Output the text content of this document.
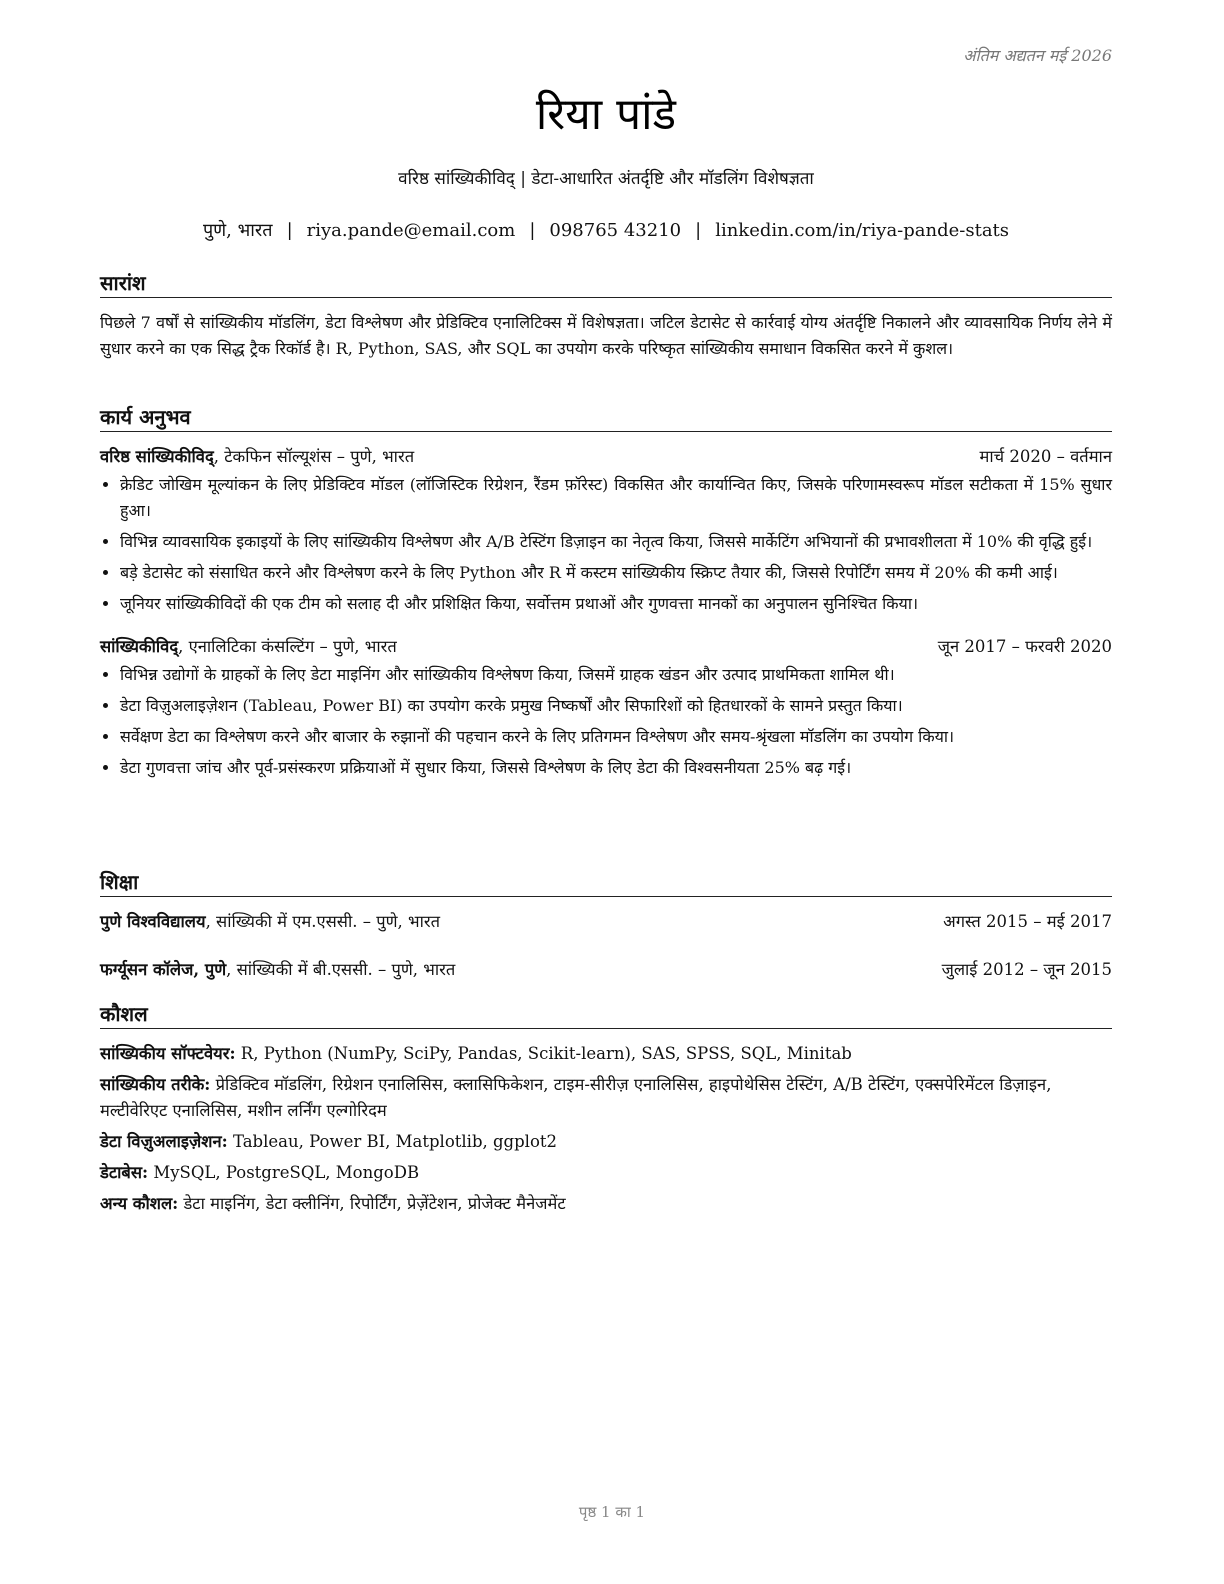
अंतिम अद्यतन मई 2026
रिया पांडे
वरिष्ठ सांख्यिकीविद् | डेटा-आधारित अंतर्दृष्टि और मॉडलिंग विशेषज्ञता
पुणे, भारत | riya.pande@email.com | 098765 43210 | linkedin.com/in/riya-pande-stats
सारांश

पिछले 7 वर्षों से सांख्यिकीय मॉडलिंग, डेटा विश्लेषण और प्रेडिक्टिव एनालिटिक्स में विशेषज्ञता। जटिल डेटासेट से कार्रवाई योग्य अंतर्दृष्टि निकालने और व्यावसायिक निर्णय लेने में सुधार करने का एक सिद्ध ट्रैक रिकॉर्ड है। R, Python, SAS, और SQL का उपयोग करके परिष्कृत सांख्यिकीय समाधान विकसित करने में कुशल।

कार्य अनुभव
वरिष्ठ सांख्यिकीविद्, टेकफिन सॉल्यूशंस – पुणे, भारत	मार्च 2020 – वर्तमान
• क्रेडिट जोखिम मूल्यांकन के लिए प्रेडिक्टिव मॉडल (लॉजिस्टिक रिग्रेशन, रैंडम फ़ॉरेस्ट) विकसित और कार्यान्वित किए, जिसके परिणामस्वरूप मॉडल सटीकता में 15% सुधार हुआ।
• विभिन्न व्यावसायिक इकाइयों के लिए सांख्यिकीय विश्लेषण और A/B टेस्टिंग डिज़ाइन का नेतृत्व किया, जिससे मार्केटिंग अभियानों की प्रभावशीलता में 10% की वृद्धि हुई।
• बड़े डेटासेट को संसाधित करने और विश्लेषण करने के लिए Python और R में कस्टम सांख्यिकीय स्क्रिप्ट तैयार की, जिससे रिपोर्टिंग समय में 20% की कमी आई।
• जूनियर सांख्यिकीविदों की एक टीम को सलाह दी और प्रशिक्षित किया, सर्वोत्तम प्रथाओं और गुणवत्ता मानकों का अनुपालन सुनिश्चित किया।
सांख्यिकीविद्, एनालिटिका कंसल्टिंग – पुणे, भारत	जून 2017 – फरवरी 2020
• विभिन्न उद्योगों के ग्राहकों के लिए डेटा माइनिंग और सांख्यिकीय विश्लेषण किया, जिसमें ग्राहक खंडन और उत्पाद प्राथमिकता शामिल थी।
• डेटा विज़ुअलाइज़ेशन (Tableau, Power BI) का उपयोग करके प्रमुख निष्कर्षों और सिफारिशों को हितधारकों के सामने प्रस्तुत किया।
• सर्वेक्षण डेटा का विश्लेषण करने और बाजार के रुझानों की पहचान करने के लिए प्रतिगमन विश्लेषण और समय-श्रृंखला मॉडलिंग का उपयोग किया।
• डेटा गुणवत्ता जांच और पूर्व-प्रसंस्करण प्रक्रियाओं में सुधार किया, जिससे विश्लेषण के लिए डेटा की विश्वसनीयता 25% बढ़ गई।
शिक्षा
पुणे विश्वविद्यालय, सांख्यिकी में एम.एससी. – पुणे, भारत	अगस्त 2015 – मई 2017
फर्ग्यूसन कॉलेज, पुणे, सांख्यिकी में बी.एससी. – पुणे, भारत	जुलाई 2012 – जून 2015
कौशल

सांख्यिकीय सॉफ्टवेयर: R, Python (NumPy, SciPy, Pandas, Scikit-learn), SAS, SPSS, SQL, Minitab

सांख्यिकीय तरीके: प्रेडिक्टिव मॉडलिंग, रिग्रेशन एनालिसिस, क्लासिफिकेशन, टाइम-सीरीज़ एनालिसिस, हाइपोथेसिस टेस्टिंग, A/B टेस्टिंग, एक्सपेरिमेंटल डिज़ाइन, मल्टीवेरिएट एनालिसिस, मशीन लर्निंग एल्गोरिदम

डेटा विज़ुअलाइज़ेशन: Tableau, Power BI, Matplotlib, ggplot2

डेटाबेस: MySQL, PostgreSQL, MongoDB

अन्य कौशल: डेटा माइनिंग, डेटा क्लीनिंग, रिपोर्टिंग, प्रेज़ेंटेशन, प्रोजेक्ट मैनेजमेंट

पृष्ठ 1 का 1
